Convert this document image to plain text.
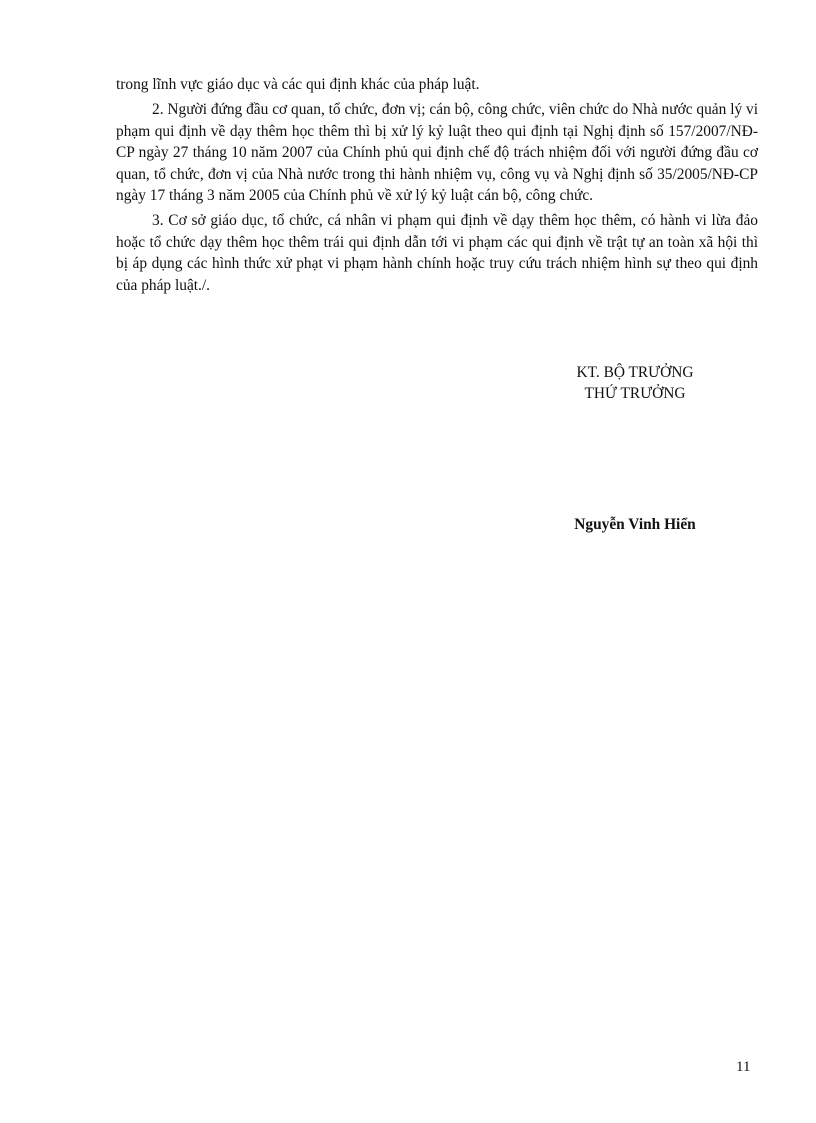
trong lĩnh vực giáo dục và các qui định khác của pháp luật.

2. Người đứng đầu cơ quan, tổ chức, đơn vị; cán bộ, công chức, viên chức do Nhà nước quản lý vi phạm qui định về dạy thêm học thêm thì bị xử lý kỷ luật theo qui định tại Nghị định số 157/2007/NĐ- CP ngày 27 tháng 10 năm 2007 của Chính phủ qui định chế độ trách nhiệm đối với người đứng đầu cơ quan, tổ chức, đơn vị của Nhà nước trong thi hành nhiệm vụ, công vụ và Nghị định số 35/2005/NĐ-CP ngày 17 tháng 3 năm 2005 của Chính phủ về xử lý kỷ luật cán bộ, công chức.

3. Cơ sở giáo dục, tổ chức, cá nhân vi phạm qui định về dạy thêm học thêm, có hành vi lừa đảo hoặc tổ chức dạy thêm học thêm trái qui định dẫn tới vi phạm các qui định về trật tự an toàn xã hội thì bị áp dụng các hình thức xử phạt vi phạm hành chính hoặc truy cứu trách nhiệm hình sự theo qui định của pháp luật./.

KT. BỘ TRƯỞNG
THỨ TRƯỞNG
Nguyễn Vinh Hiển
11
